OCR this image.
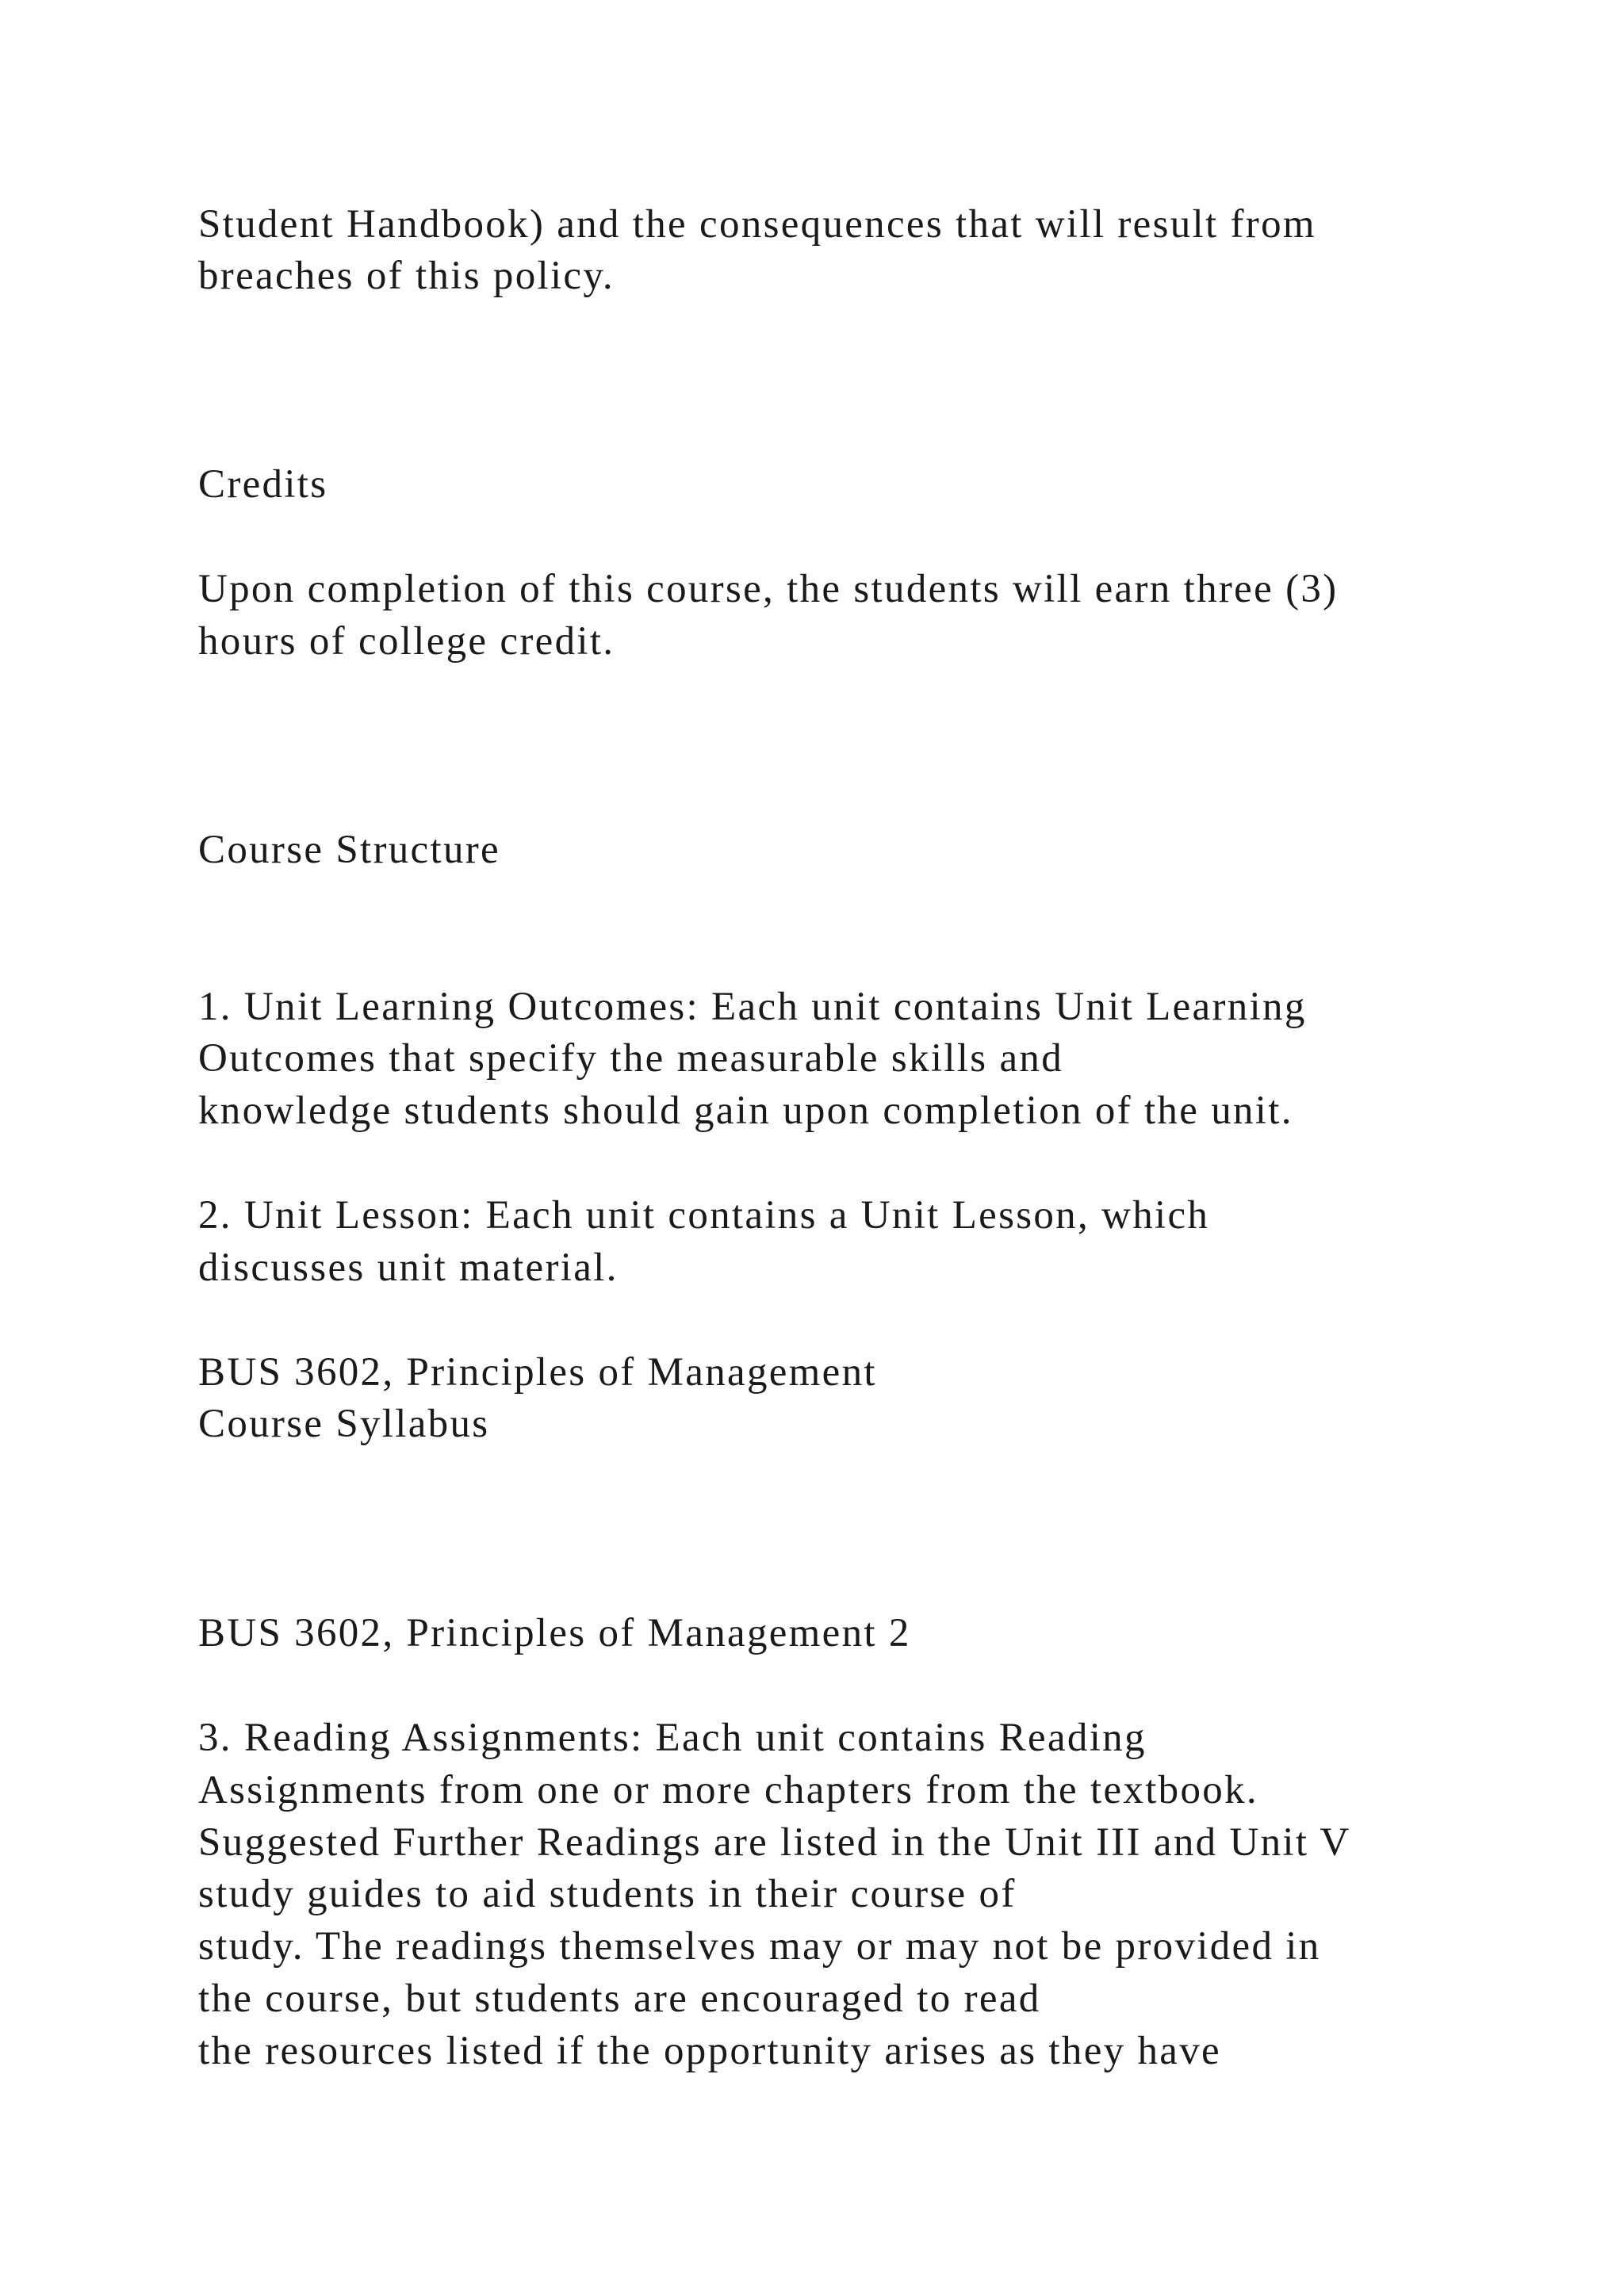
Student Handbook) and the consequences that will result from
breaches of this policy.
Credits
Upon completion of this course, the students will earn three (3)
hours of college credit.
Course Structure
1. Unit Learning Outcomes: Each unit contains Unit Learning
Outcomes that specify the measurable skills and
knowledge students should gain upon completion of the unit.
2. Unit Lesson: Each unit contains a Unit Lesson, which
discusses unit material.
BUS 3602, Principles of Management
Course Syllabus
BUS 3602, Principles of Management 2
3. Reading Assignments: Each unit contains Reading
Assignments from one or more chapters from the textbook.
Suggested Further Readings are listed in the Unit III and Unit V
study guides to aid students in their course of
study. The readings themselves may or may not be provided in
the course, but students are encouraged to read
the resources listed if the opportunity arises as they have
